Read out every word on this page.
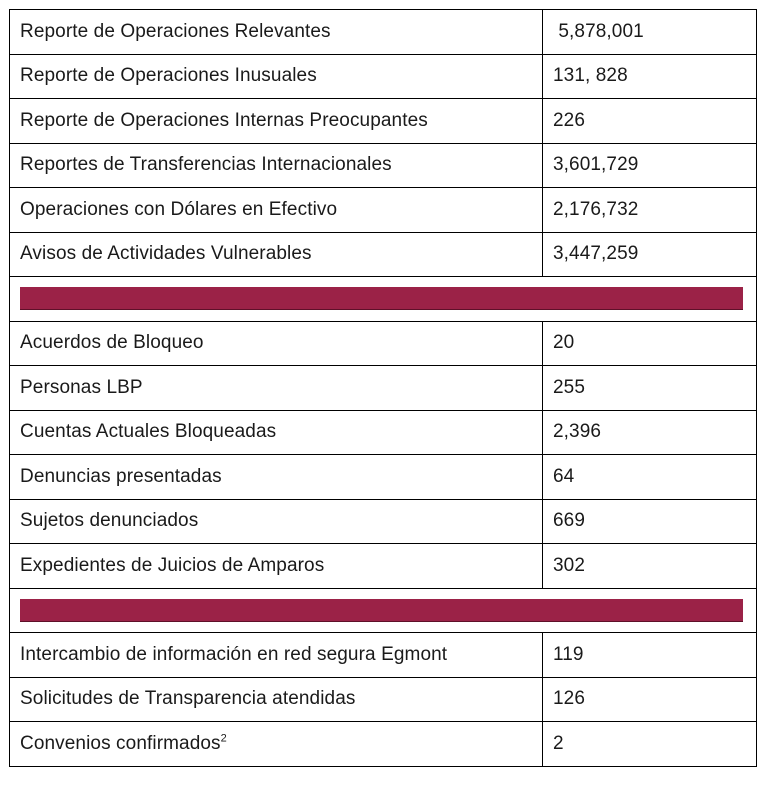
Reporte de Operaciones Relevantes	5,878,001
Reporte de Operaciones Inusuales	131, 828
Reporte de Operaciones Internas Preocupantes	226
Reportes de Transferencias Internacionales	3,601,729
Operaciones con Dólares en Efectivo	2,176,732
Avisos de Actividades Vulnerables	3,447,259

Acuerdos de Bloqueo	20
Personas LBP	255
Cuentas Actuales Bloqueadas	2,396
Denuncias presentadas	64
Sujetos denunciados	669
Expedientes de Juicios de Amparos	302

Intercambio de información en red segura Egmont	119
Solicitudes de Transparencia atendidas	126
Convenios confirmados$^2$	2
